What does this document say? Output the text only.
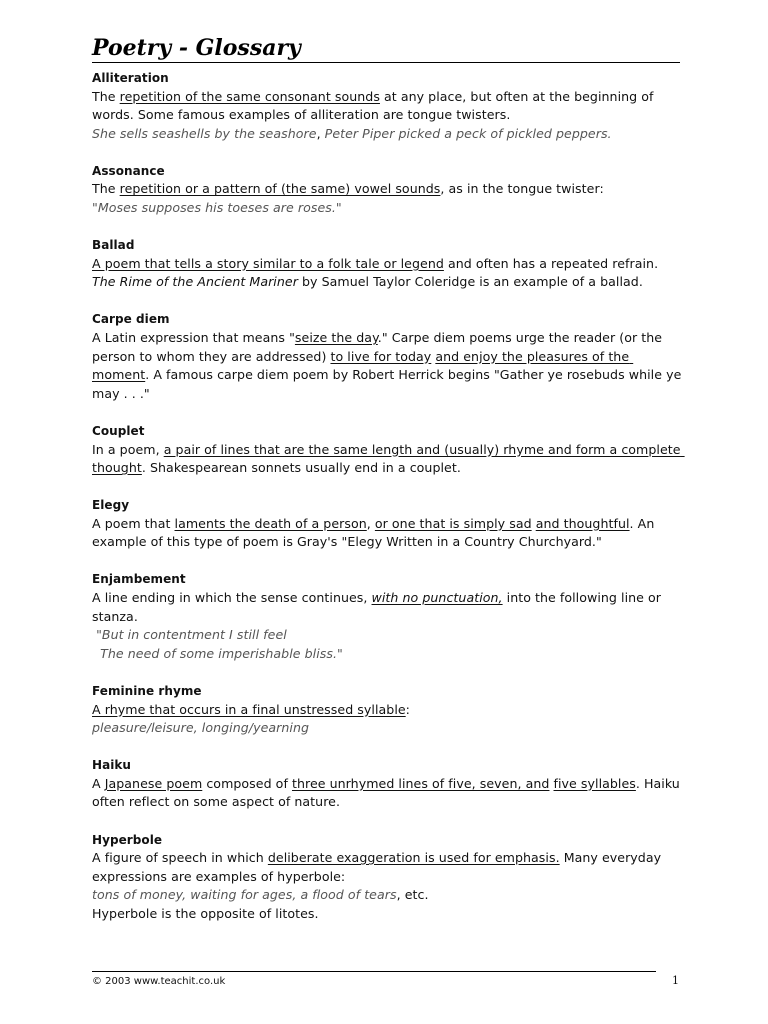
Poetry - Glossary

Alliteration

The repetition of the same consonant sounds at any place, but often at the beginning of words. Some famous examples of alliteration are tongue twisters.
She sells seashells by the seashore, Peter Piper picked a peck of pickled peppers.

Assonance

The repetition or a pattern of (the same) vowel sounds, as in the tongue twister:
"Moses supposes his toeses are roses."

Ballad

A poem that tells a story similar to a folk tale or legend and often has a repeated refrain. The Rime of the Ancient Mariner by Samuel Taylor Coleridge is an example of a ballad.

Carpe diem

A Latin expression that means "seize the day." Carpe diem poems urge the reader (or the person to whom they are addressed) to live for today and enjoy the pleasures of the moment. A famous carpe diem poem by Robert Herrick begins "Gather ye rosebuds while ye may . . ."

Couplet

In a poem, a pair of lines that are the same length and (usually) rhyme and form a complete thought. Shakespearean sonnets usually end in a couplet.

Elegy

A poem that laments the death of a person, or one that is simply sad and thoughtful. An example of this type of poem is Gray's "Elegy Written in a Country Churchyard."

Enjambement

A line ending in which the sense continues, with no punctuation, into the following line or stanza.
"But in contentment I still feel
The need of some imperishable bliss."

Feminine rhyme

A rhyme that occurs in a final unstressed syllable:
pleasure/leisure, longing/yearning

Haiku

A Japanese poem composed of three unrhymed lines of five, seven, and five syllables. Haiku often reflect on some aspect of nature.

Hyperbole

A figure of speech in which deliberate exaggeration is used for emphasis. Many everyday expressions are examples of hyperbole:
tons of money, waiting for ages, a flood of tears, etc.
Hyperbole is the opposite of litotes.

© 2003 www.teachit.co.uk	1
